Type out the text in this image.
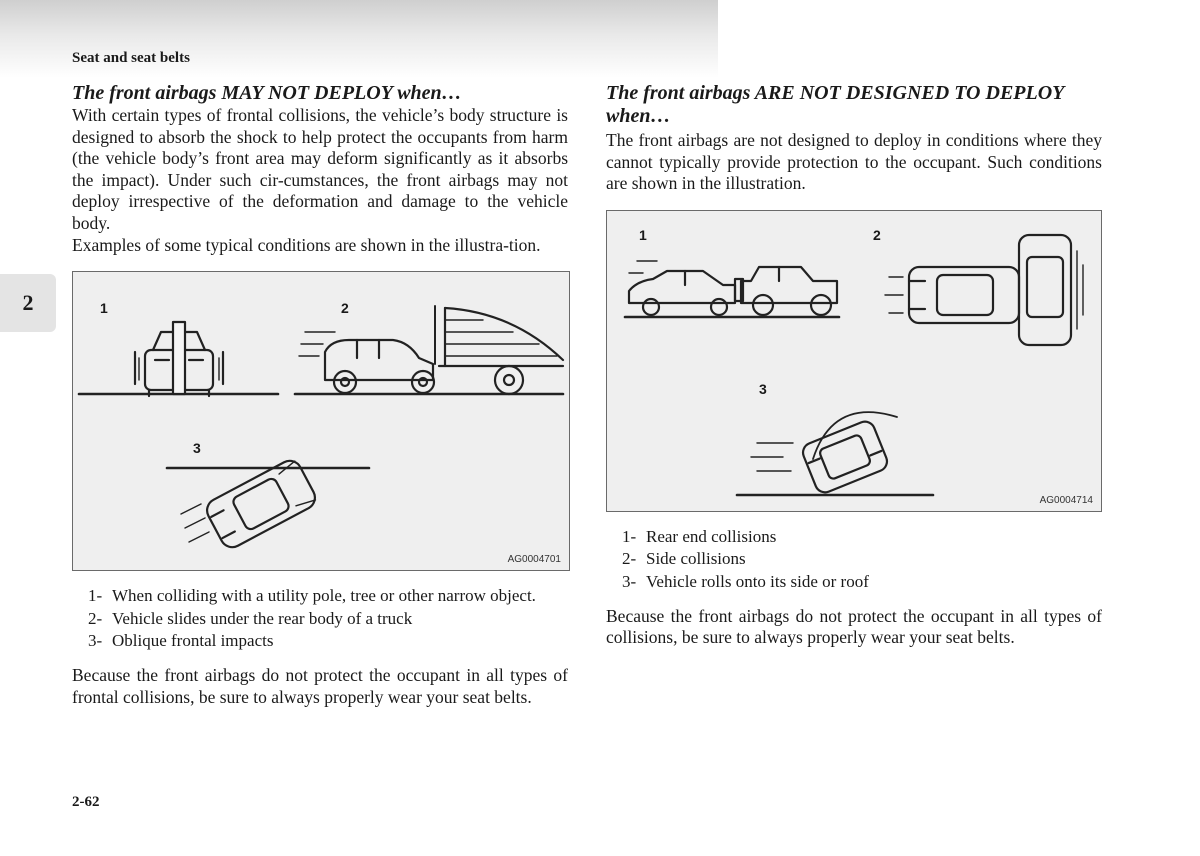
Seat and seat belts
2
The front airbags MAY NOT DEPLOY when…

With certain types of frontal collisions, the vehicle’s body structure is designed to absorb the shock to help protect the occupants from harm (the vehicle body’s front area may deform significantly as it absorbs the impact). Under such cir-cumstances, the front airbags may not deploy irrespective of the deformation and damage to the vehicle body.

Examples of some typical conditions are shown in the illustra-tion.

1	2
3
AG0004701
1- When colliding with a utility pole, tree or other narrow object.
2- Vehicle slides under the rear body of a truck
3- Oblique frontal impacts

Because the front airbags do not protect the occupant in all types of frontal collisions, be sure to always properly wear your seat belts.

The front airbags ARE NOT DESIGNED TO DEPLOY when…

The front airbags are not designed to deploy in conditions where they cannot typically provide protection to the occupant. Such conditions are shown in the illustration.

1	2
3
AG0004714
1- Rear end collisions
2- Side collisions
3- Vehicle rolls onto its side or roof

Because the front airbags do not protect the occupant in all types of collisions, be sure to always properly wear your seat belts.

2-62
